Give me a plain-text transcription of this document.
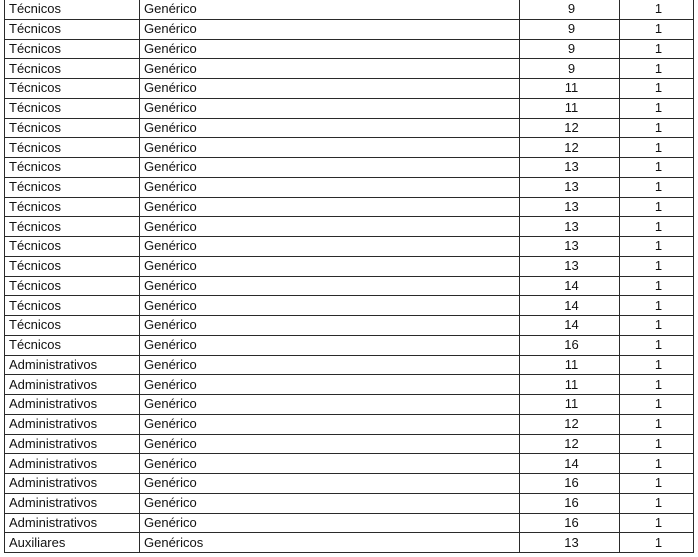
Técnicos	Genérico	9	1
Técnicos	Genérico	9	1
Técnicos	Genérico	9	1
Técnicos	Genérico	9	1
Técnicos	Genérico	11	1
Técnicos	Genérico	11	1
Técnicos	Genérico	12	1
Técnicos	Genérico	12	1
Técnicos	Genérico	13	1
Técnicos	Genérico	13	1
Técnicos	Genérico	13	1
Técnicos	Genérico	13	1
Técnicos	Genérico	13	1
Técnicos	Genérico	13	1
Técnicos	Genérico	14	1
Técnicos	Genérico	14	1
Técnicos	Genérico	14	1
Técnicos	Genérico	16	1
Administrativos	Genérico	11	1
Administrativos	Genérico	11	1
Administrativos	Genérico	11	1
Administrativos	Genérico	12	1
Administrativos	Genérico	12	1
Administrativos	Genérico	14	1
Administrativos	Genérico	16	1
Administrativos	Genérico	16	1
Administrativos	Genérico	16	1
Auxiliares	Genéricos	13	1
